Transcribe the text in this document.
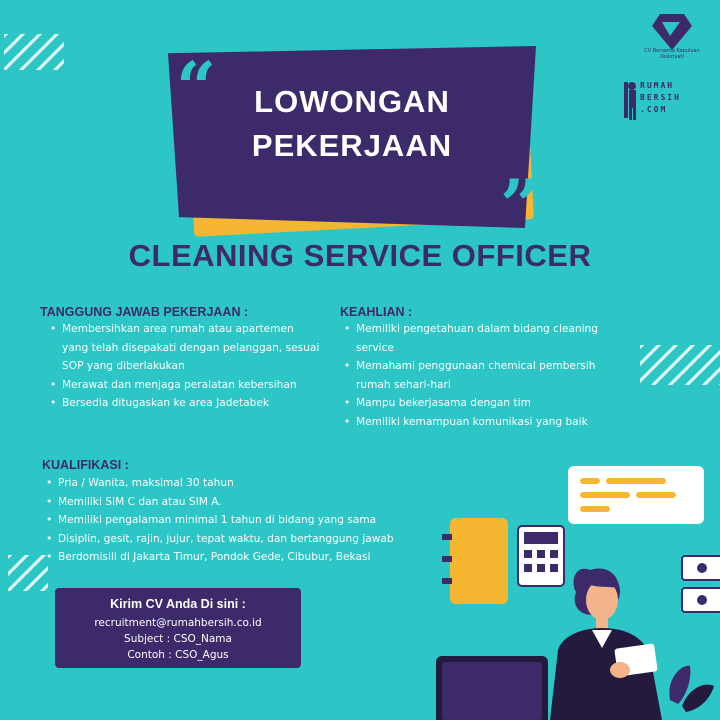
CV Bersama Kepuluan Diskriyati
RUMAH
BERSIH
.COM
“
”
LOWONGAN
PEKERJAAN
CLEANING SERVICE OFFICER
TANGGUNG JAWAB PEKERJAAN :
• Membersihkan area rumah atau apartemen yang telah disepakati dengan pelanggan, sesuai SOP yang diberlakukan
• Merawat dan menjaga peralatan kebersihan
• Bersedia ditugaskan ke area Jadetabek
KEAHLIAN :
• Memiliki pengetahuan dalam bidang cleaning service
• Memahami penggunaan chemical pembersih rumah sehari-hari
• Mampu bekerjasama dengan tim
• Memiliki kemampuan komunikasi yang baik
KUALIFIKASI :
• Pria / Wanita, maksimal 30 tahun
• Memiliki SIM C dan atau SIM A.
• Memiliki pengalaman minimal 1 tahun di bidang yang sama
• Disiplin, gesit, rajin, jujur, tepat waktu, dan bertanggung jawab
• Berdomisili di Jakarta Timur, Pondok Gede, Cibubur, Bekasi
Kirim CV Anda Di sini :
recruitment@rumahbersih.co.id
Subject : CSO_Nama
Contoh : CSO_Agus
